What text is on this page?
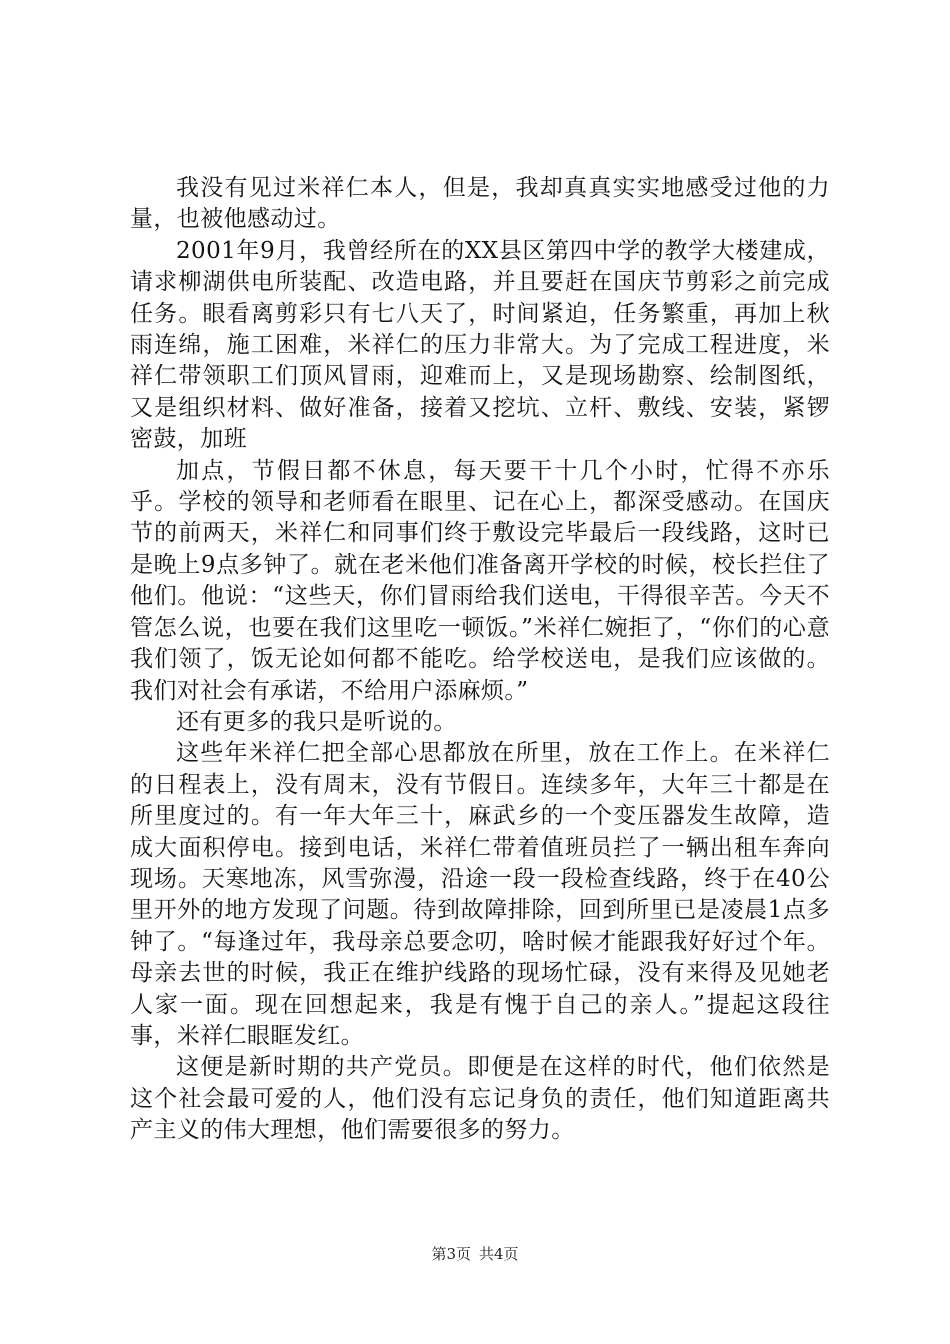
我没有见过米祥仁本人，但是，我却真真实实地感受过他的力量，也被他感动过。

2001年9月，我曾经所在的XX县区第四中学的教学大楼建成，请求柳湖供电所装配、改造电路，并且要赶在国庆节剪彩之前完成任务。眼看离剪彩只有七八天了，时间紧迫，任务繁重，再加上秋雨连绵，施工困难，米祥仁的压力非常大。为了完成工程进度，米祥仁带领职工们顶风冒雨，迎难而上，又是现场勘察、绘制图纸，又是组织材料、做好准备，接着又挖坑、立杆、敷线、安装，紧锣密鼓，加班

加点，节假日都不休息，每天要干十几个小时，忙得不亦乐乎。学校的领导和老师看在眼里、记在心上，都深受感动。在国庆节的前两天，米祥仁和同事们终于敷设完毕最后一段线路，这时已是晚上9点多钟了。就在老米他们准备离开学校的时候，校长拦住了他们。他说：“这些天，你们冒雨给我们送电，干得很辛苦。今天不管怎么说，也要在我们这里吃一顿饭。”米祥仁婉拒了，“你们的心意我们领了，饭无论如何都不能吃。给学校送电，是我们应该做的。我们对社会有承诺，不给用户添麻烦。”

还有更多的我只是听说的。

这些年米祥仁把全部心思都放在所里，放在工作上。在米祥仁的日程表上，没有周末，没有节假日。连续多年，大年三十都是在所里度过的。有一年大年三十，麻武乡的一个变压器发生故障，造成大面积停电。接到电话，米祥仁带着值班员拦了一辆出租车奔向现场。天寒地冻，风雪弥漫，沿途一段一段检查线路，终于在40公里开外的地方发现了问题。待到故障排除，回到所里已是凌晨1点多钟了。“每逢过年，我母亲总要念叨，啥时候才能跟我好好过个年。母亲去世的时候，我正在维护线路的现场忙碌，没有来得及见她老人家一面。现在回想起来，我是有愧于自己的亲人。”提起这段往事，米祥仁眼眶发红。

这便是新时期的共产党员。即便是在这样的时代，他们依然是这个社会最可爱的人，他们没有忘记身负的责任，他们知道距离共产主义的伟大理想，他们需要很多的努力。

第3页 共4页
